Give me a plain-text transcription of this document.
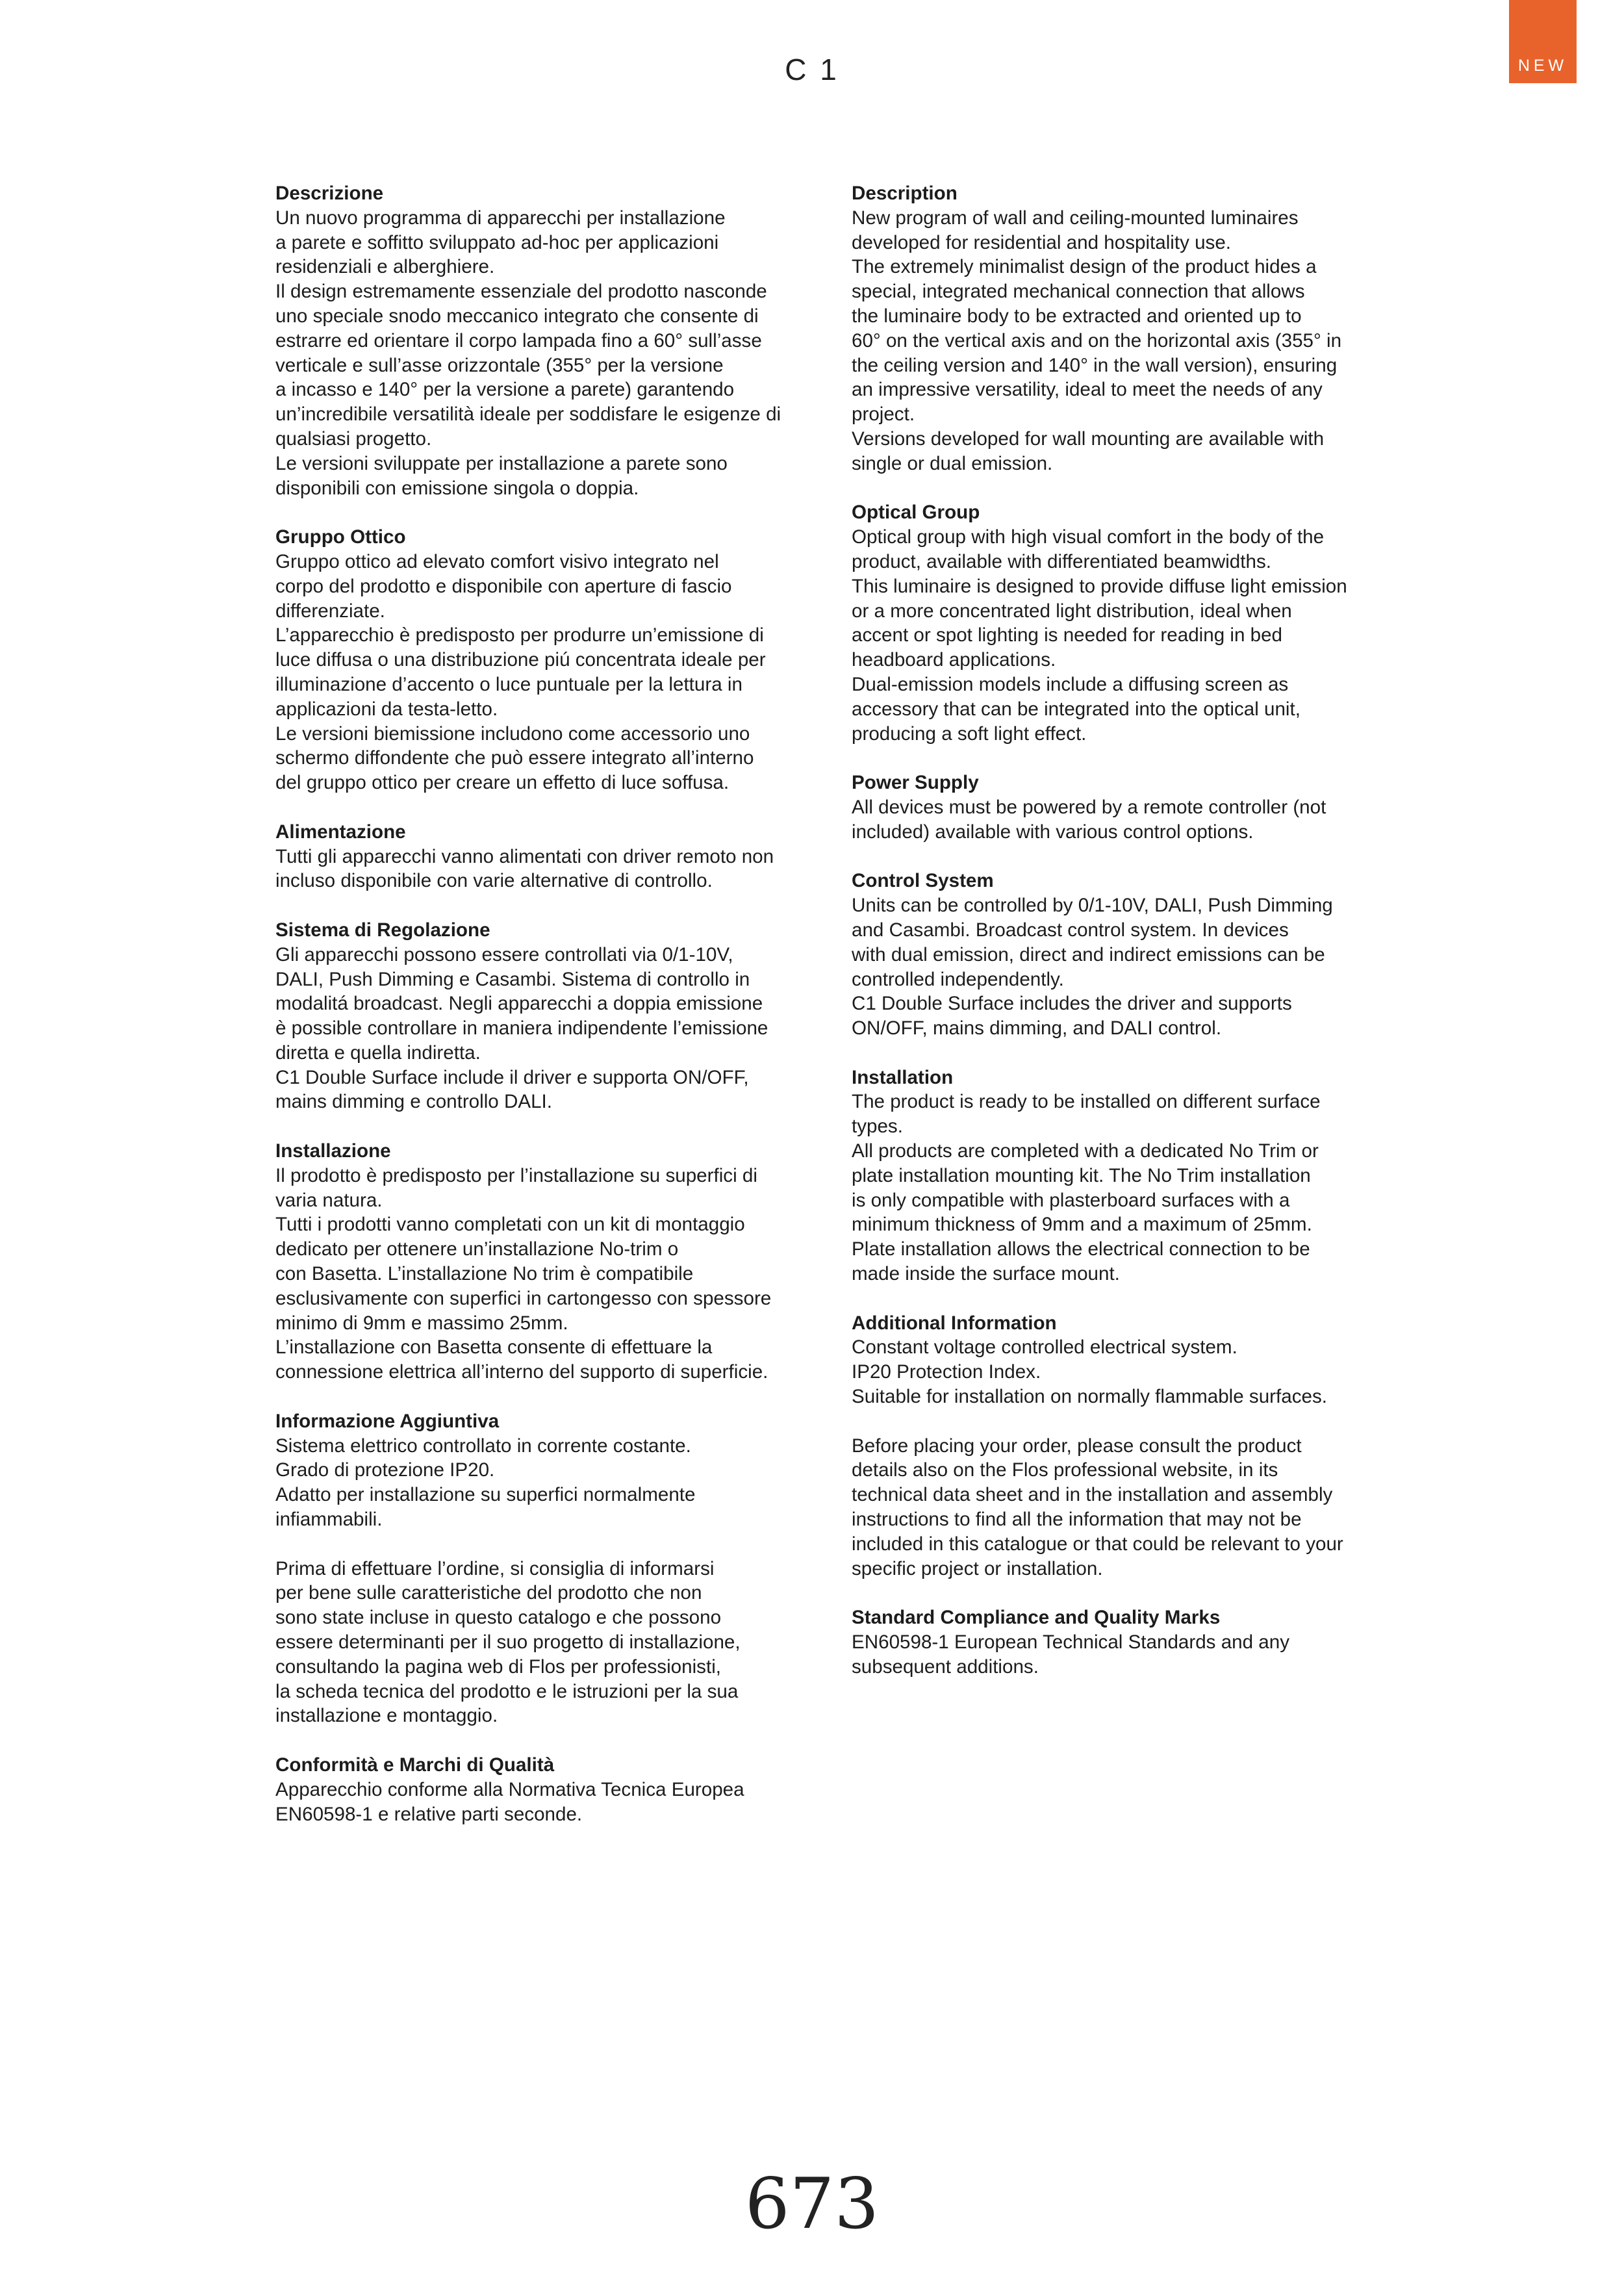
NEW
C 1
Descrizione

Un nuovo programma di apparecchi per installazione
a parete e soffitto sviluppato ad-hoc per applicazioni
residenziali e alberghiere.
Il design estremamente essenziale del prodotto nasconde
uno speciale snodo meccanico integrato che consente di
estrarre ed orientare il corpo lampada fino a 60° sull’asse
verticale e sull’asse orizzontale (355° per la versione
a incasso e 140° per la versione a parete) garantendo
un’incredibile versatilità ideale per soddisfare le esigenze di
qualsiasi progetto.
Le versioni sviluppate per installazione a parete sono
disponibili con emissione singola o doppia.

Gruppo Ottico

Gruppo ottico ad elevato comfort visivo integrato nel
corpo del prodotto e disponibile con aperture di fascio
differenziate.
L’apparecchio è predisposto per produrre un’emissione di
luce diffusa o una distribuzione piú concentrata ideale per
illuminazione d’accento o luce puntuale per la lettura in
applicazioni da testa-letto.
Le versioni biemissione includono come accessorio uno
schermo diffondente che può essere integrato all’interno
del gruppo ottico per creare un effetto di luce soffusa.

Alimentazione

Tutti gli apparecchi vanno alimentati con driver remoto non
incluso disponibile con varie alternative di controllo.

Sistema di Regolazione

Gli apparecchi possono essere controllati via 0/1-10V,
DALI, Push Dimming e Casambi. Sistema di controllo in
modalitá broadcast. Negli apparecchi a doppia emissione
è possible controllare in maniera indipendente l’emissione
diretta e quella indiretta.
C1 Double Surface include il driver e supporta ON/OFF,
mains dimming e controllo DALI.

Installazione

Il prodotto è predisposto per l’installazione su superfici di
varia natura.
Tutti i prodotti vanno completati con un kit di montaggio
dedicato per ottenere un’installazione No-trim o
con Basetta. L’installazione No trim è compatibile
esclusivamente con superfici in cartongesso con spessore
minimo di 9mm e massimo 25mm.
L’installazione con Basetta consente di effettuare la
connessione elettrica all’interno del supporto di superficie.

Informazione Aggiuntiva

Sistema elettrico controllato in corrente costante.
Grado di protezione IP20.
Adatto per installazione su superfici normalmente
infiammabili.

Prima di effettuare l’ordine, si consiglia di informarsi
per bene sulle caratteristiche del prodotto che non
sono state incluse in questo catalogo e che possono
essere determinanti per il suo progetto di installazione,
consultando la pagina web di Flos per professionisti,
la scheda tecnica del prodotto e le istruzioni per la sua
installazione e montaggio.

Conformità e Marchi di Qualità

Apparecchio conforme alla Normativa Tecnica Europea
EN60598-1 e relative parti seconde.

Description

New program of wall and ceiling-mounted luminaires
developed for residential and hospitality use.
The extremely minimalist design of the product hides a
special, integrated mechanical connection that allows
the luminaire body to be extracted and oriented up to
60° on the vertical axis and on the horizontal axis (355° in
the ceiling version and 140° in the wall version), ensuring
an impressive versatility, ideal to meet the needs of any
project.
Versions developed for wall mounting are available with
single or dual emission.

Optical Group

Optical group with high visual comfort in the body of the
product, available with differentiated beamwidths.
This luminaire is designed to provide diffuse light emission
or a more concentrated light distribution, ideal when
accent or spot lighting is needed for reading in bed
headboard applications.
Dual-emission models include a diffusing screen as
accessory that can be integrated into the optical unit,
producing a soft light effect.

Power Supply

All devices must be powered by a remote controller (not
included) available with various control options.

Control System

Units can be controlled by 0/1-10V, DALI, Push Dimming
and Casambi. Broadcast control system. In devices
with dual emission, direct and indirect emissions can be
controlled independently.
C1 Double Surface includes the driver and supports
ON/OFF, mains dimming, and DALI control.

Installation

The product is ready to be installed on different surface
types.
All products are completed with a dedicated No Trim or
plate installation mounting kit. The No Trim installation
is only compatible with plasterboard surfaces with a
minimum thickness of 9mm and a maximum of 25mm.
Plate installation allows the electrical connection to be
made inside the surface mount.

Additional Information

Constant voltage controlled electrical system.
IP20 Protection Index.
Suitable for installation on normally flammable surfaces.

Before placing your order, please consult the product
details also on the Flos professional website, in its
technical data sheet and in the installation and assembly
instructions to find all the information that may not be
included in this catalogue or that could be relevant to your
specific project or installation.

Standard Compliance and Quality Marks

EN60598-1 European Technical Standards and any
subsequent additions.

673
